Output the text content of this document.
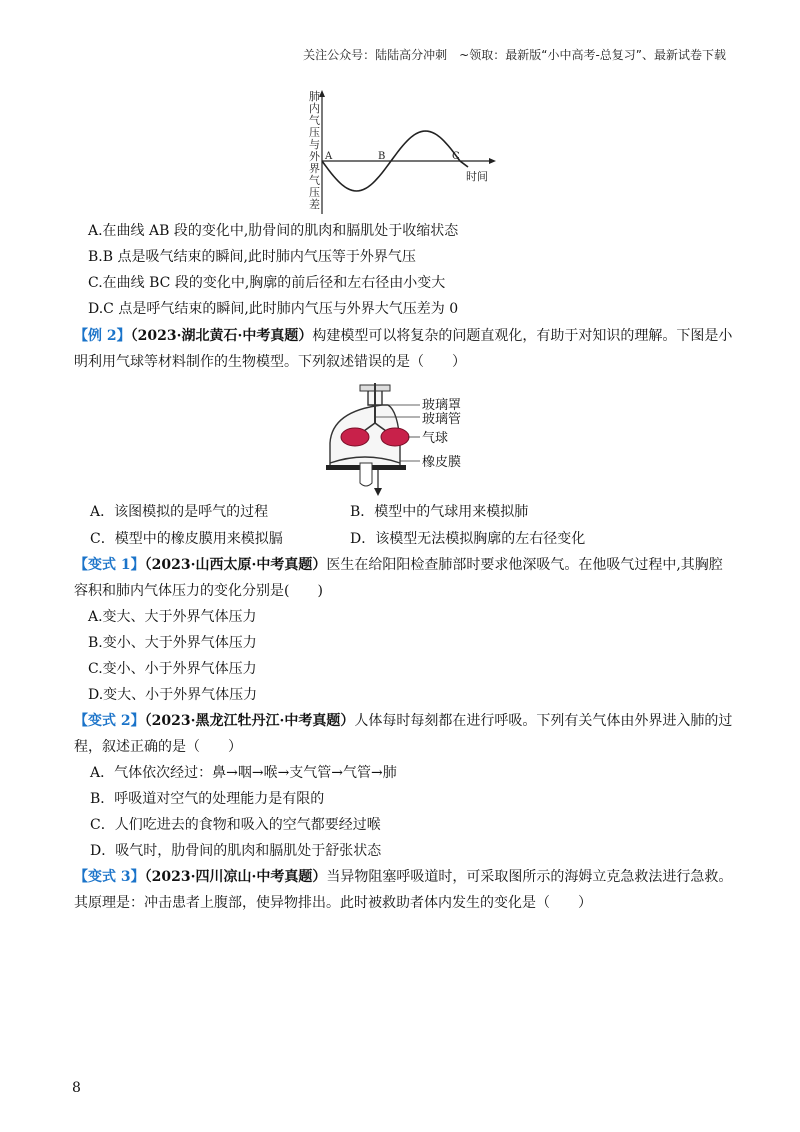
关注公众号：陆陆高分冲刺　~领取：最新版“小中高考-总复习”、最新试卷下载
A	B	C
时间
肺
内
气
压
与
外
界
气
压
差
A.在曲线 AB 段的变化中,肋骨间的肌肉和膈肌处于收缩状态
B.B 点是吸气结束的瞬间,此时肺内气压等于外界气压
C.在曲线 BC 段的变化中,胸廓的前后径和左右径由小变大
D.C 点是呼气结束的瞬间,此时肺内气压与外界大气压差为 0
【例 2】（2023·湖北黄石·中考真题）构建模型可以将复杂的问题直观化，有助于对知识的理解。下图是小
明利用气球等材料制作的生物模型。下列叙述错误的是（　　）
玻璃罩
玻璃管
气球
橡皮膜
A．该图模拟的是呼气的过程	B．模型中的气球用来模拟肺
C．模型中的橡皮膜用来模拟膈	D．该模型无法模拟胸廓的左右径变化
【变式 1】（2023·山西太原·中考真题）医生在给阳阳检查肺部时要求他深吸气。在他吸气过程中,其胸腔
容积和肺内气体压力的变化分别是(　　)
A.变大、大于外界气体压力
B.变小、大于外界气体压力
C.变小、小于外界气体压力
D.变大、小于外界气体压力
【变式 2】（2023·黑龙江牡丹江·中考真题）人体每时每刻都在进行呼吸。下列有关气体由外界进入肺的过
程，叙述正确的是（　　）
A．气体依次经过：鼻→咽→喉→支气管→气管→肺
B．呼吸道对空气的处理能力是有限的
C．人们吃进去的食物和吸入的空气都要经过喉
D．吸气时，肋骨间的肌肉和膈肌处于舒张状态
【变式 3】（2023·四川凉山·中考真题）当异物阻塞呼吸道时，可采取图所示的海姆立克急救法进行急救。
其原理是：冲击患者上腹部，使异物排出。此时被救助者体内发生的变化是（　　）
8
